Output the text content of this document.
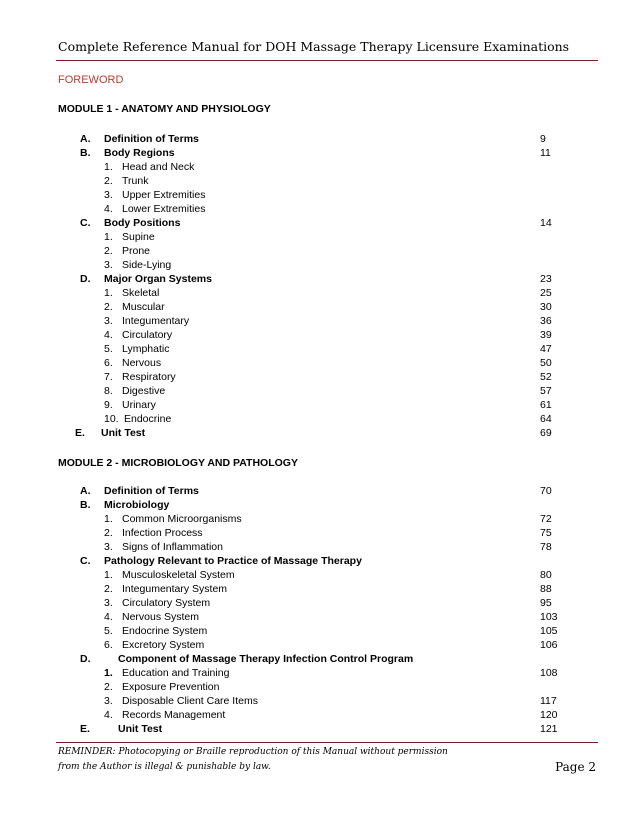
Complete Reference Manual for DOH Massage Therapy Licensure Examinations
FOREWORD
MODULE 1 - ANATOMY AND PHYSIOLOGY
A. Definition of Terms	9
B. Body Regions	11
1. Head and Neck
2. Trunk
3. Upper Extremities
4. Lower Extremities
C. Body Positions	14
1. Supine
2. Prone
3. Side-Lying
D. Major Organ Systems	23
1. Skeletal	25
2. Muscular	30
3. Integumentary	36
4. Circulatory	39
5. Lymphatic	47
6. Nervous	50
7. Respiratory	52
8. Digestive	57
9. Urinary	61
10. Endocrine	64
E. Unit Test	69
MODULE 2 - MICROBIOLOGY AND PATHOLOGY
A. Definition of Terms	70
B. Microbiology
1. Common Microorganisms	72
2. Infection Process	75
3. Signs of Inflammation	78
C. Pathology Relevant to Practice of Massage Therapy
1. Musculoskeletal System	80
2. Integumentary System	88
3. Circulatory System	95
4. Nervous System	103
5. Endocrine System	105
6. Excretory System	106
D.	Component of Massage Therapy Infection Control Program
1. Education and Training	108
2. Exposure Prevention
3. Disposable Client Care Items	117
4. Records Management	120
E.	Unit Test	121
REMINDER: Photocopying or Braille reproduction of this Manual without permission
from the Author is illegal & punishable by law.	Page 2
